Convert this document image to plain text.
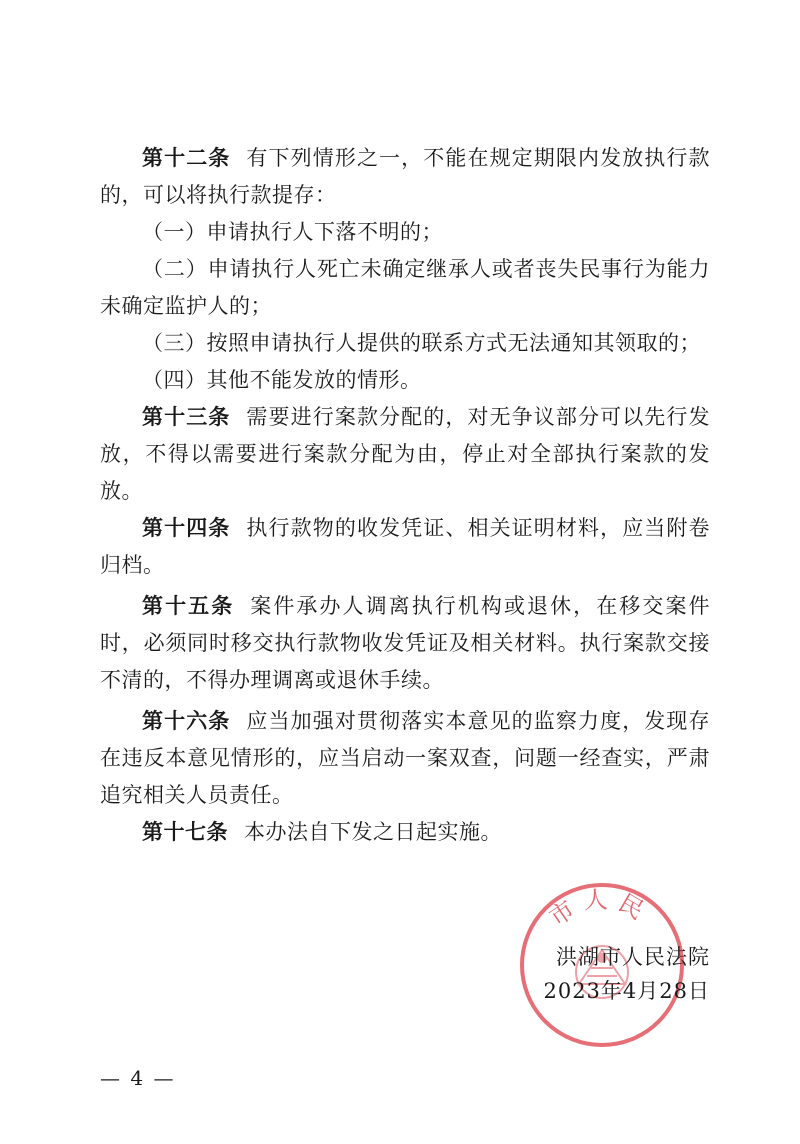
第十二条 有下列情形之一，不能在规定期限内发放执行款的，可以将执行款提存：

（一）申请执行人下落不明的；

（二）申请执行人死亡未确定继承人或者丧失民事行为能力未确定监护人的；

（三）按照申请执行人提供的联系方式无法通知其领取的；

（四）其他不能发放的情形。

第十三条 需要进行案款分配的，对无争议部分可以先行发放，不得以需要进行案款分配为由，停止对全部执行案款的发放。

第十四条 执行款物的收发凭证、相关证明材料，应当附卷归档。

第十五条 案件承办人调离执行机构或退休，在移交案件时，必须同时移交执行款物收发凭证及相关材料。执行案款交接不清的，不得办理调离或退休手续。

第十六条 应当加强对贯彻落实本意见的监察力度，发现存在违反本意见情形的，应当启动一案双查，问题一经查实，严肃追究相关人员责任。

第十七条 本办法自下发之日起实施。

市人民
洪湖市人民法院
2023年4月28日
— 4 —
